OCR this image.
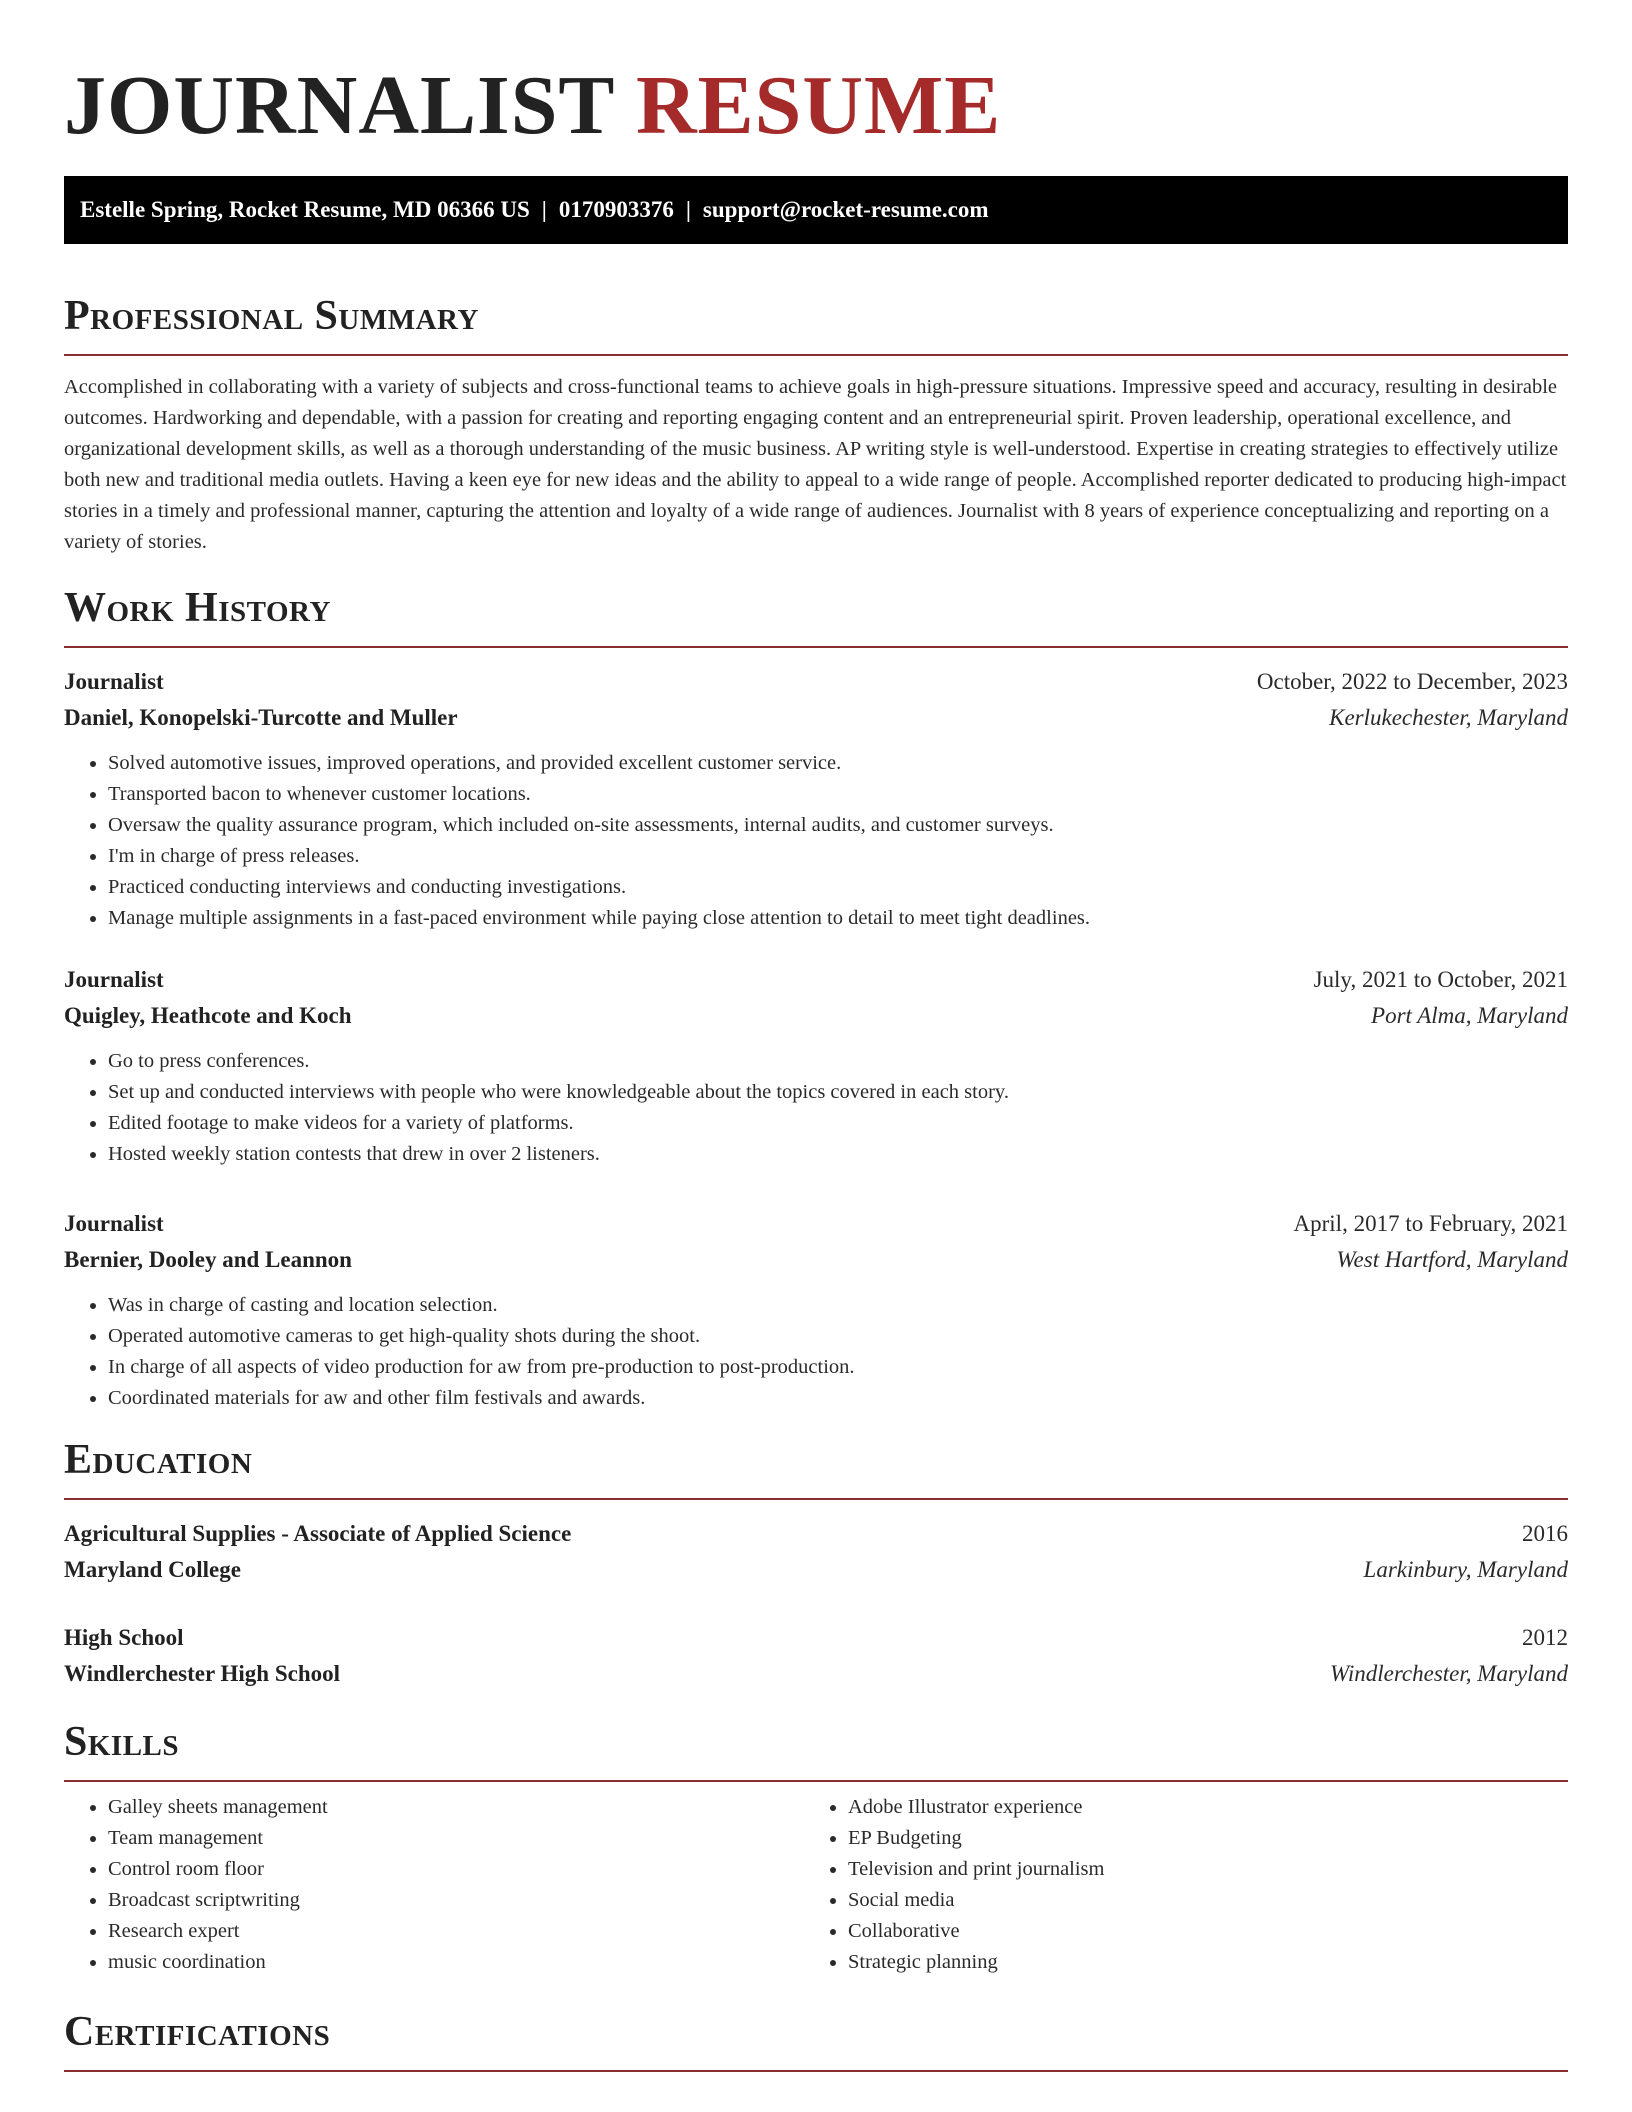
JOURNALIST RESUME
Estelle Spring, Rocket Resume, MD 06366 US | 0170903376 | support@rocket-resume.com
Professional Summary

Accomplished in collaborating with a variety of subjects and cross-functional teams to achieve goals in high-pressure situations. Impressive speed and accuracy, resulting in desirable outcomes. Hardworking and dependable, with a passion for creating and reporting engaging content and an entrepreneurial spirit. Proven leadership, operational excellence, and organizational development skills, as well as a thorough understanding of the music business. AP writing style is well-understood. Expertise in creating strategies to effectively utilize both new and traditional media outlets. Having a keen eye for new ideas and the ability to appeal to a wide range of people. Accomplished reporter dedicated to producing high-impact stories in a timely and professional manner, capturing the attention and loyalty of a wide range of audiences. Journalist with 8 years of experience conceptualizing and reporting on a variety of stories.

Work History
Journalist	October, 2022 to December, 2023
Daniel, Konopelski-Turcotte and Muller	Kerlukechester, Maryland
• Solved automotive issues, improved operations, and provided excellent customer service.
• Transported bacon to whenever customer locations.
• Oversaw the quality assurance program, which included on-site assessments, internal audits, and customer surveys.
• I'm in charge of press releases.
• Practiced conducting interviews and conducting investigations.
• Manage multiple assignments in a fast-paced environment while paying close attention to detail to meet tight deadlines.
Journalist	July, 2021 to October, 2021
Quigley, Heathcote and Koch	Port Alma, Maryland
• Go to press conferences.
• Set up and conducted interviews with people who were knowledgeable about the topics covered in each story.
• Edited footage to make videos for a variety of platforms.
• Hosted weekly station contests that drew in over 2 listeners.
Journalist	April, 2017 to February, 2021
Bernier, Dooley and Leannon	West Hartford, Maryland
• Was in charge of casting and location selection.
• Operated automotive cameras to get high-quality shots during the shoot.
• In charge of all aspects of video production for aw from pre-production to post-production.
• Coordinated materials for aw and other film festivals and awards.
Education
Agricultural Supplies - Associate of Applied Science	2016
Maryland College	Larkinbury, Maryland
High School	2012
Windlerchester High School	Windlerchester, Maryland
Skills
• Galley sheets management
• Team management
• Control room floor
• Broadcast scriptwriting
• Research expert
• music coordination
• Adobe Illustrator experience
• EP Budgeting
• Television and print journalism
• Social media
• Collaborative
• Strategic planning
Certifications
